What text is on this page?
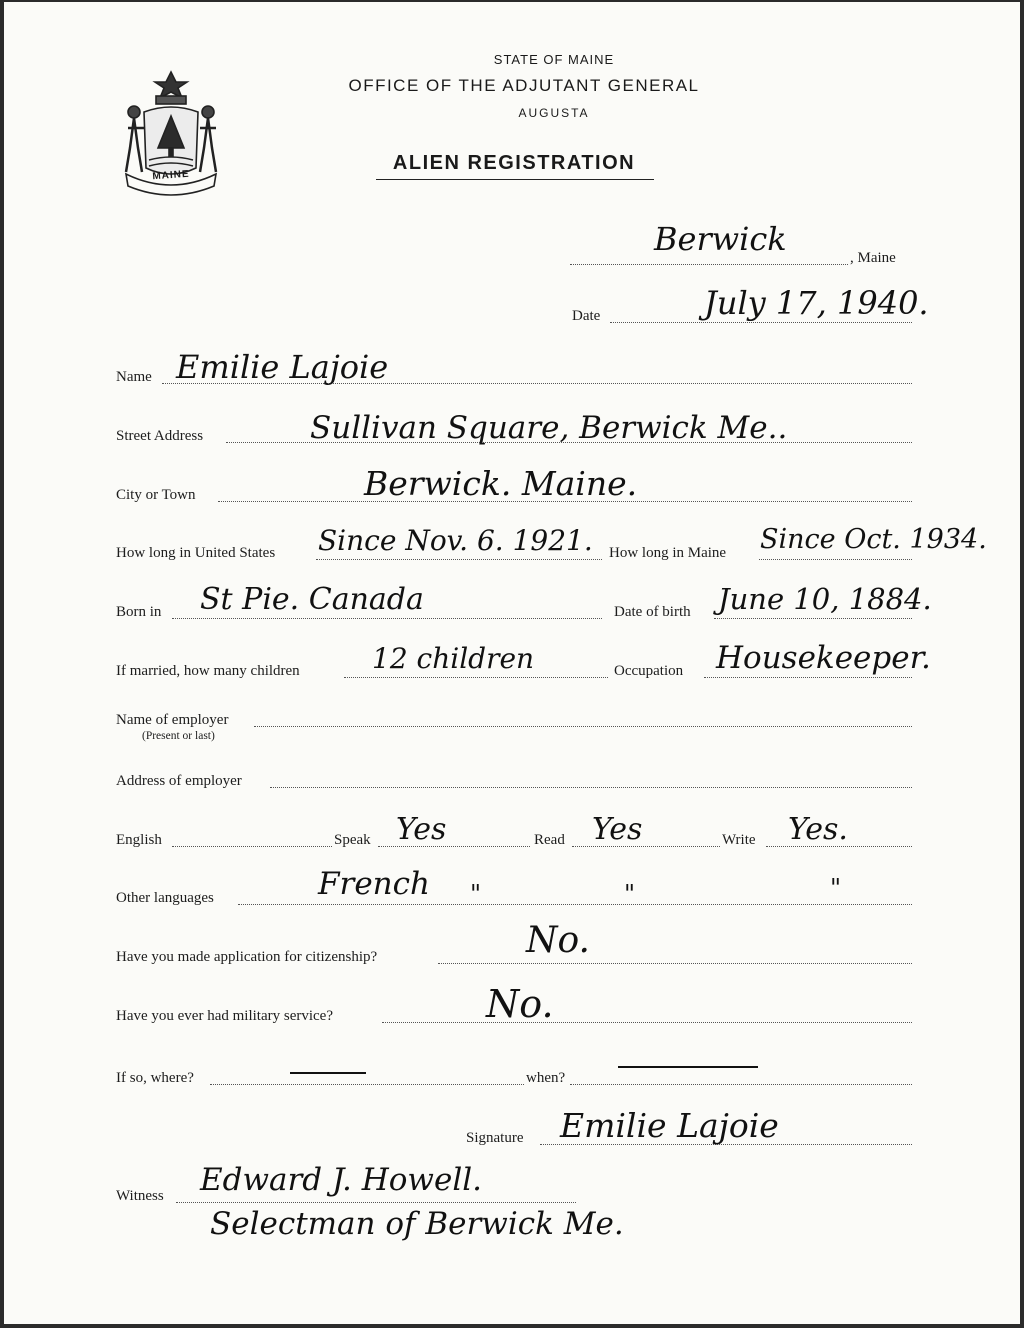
MAINE
STATE OF MAINE
OFFICE OF THE ADJUTANT GENERAL
AUGUSTA
ALIEN REGISTRATION
Berwick	, Maine
Date	July 17, 1940.
Name Emilie Lajoie
Street Address	Sullivan Square, Berwick Me..
City or Town	Berwick. Maine.
How long in United States Since Nov. 6. 1921. How long in Maine Since Oct. 1934.
Born in St Pie. Canada	Date of birth June 10, 1884.
If married, how many children	12 children	Occupation Housekeeper.
Name of employer
(Present or last)
Address of employer
English	Speak Yes	Read Yes	Write Yes.
Other languages	French "	"	"
Have you made application for citizenship?	No.
Have you ever had military service?	No.
If so, where?	when?
Signature Emilie Lajoie
Witness Edward J. Howell.
Selectman of Berwick Me.
